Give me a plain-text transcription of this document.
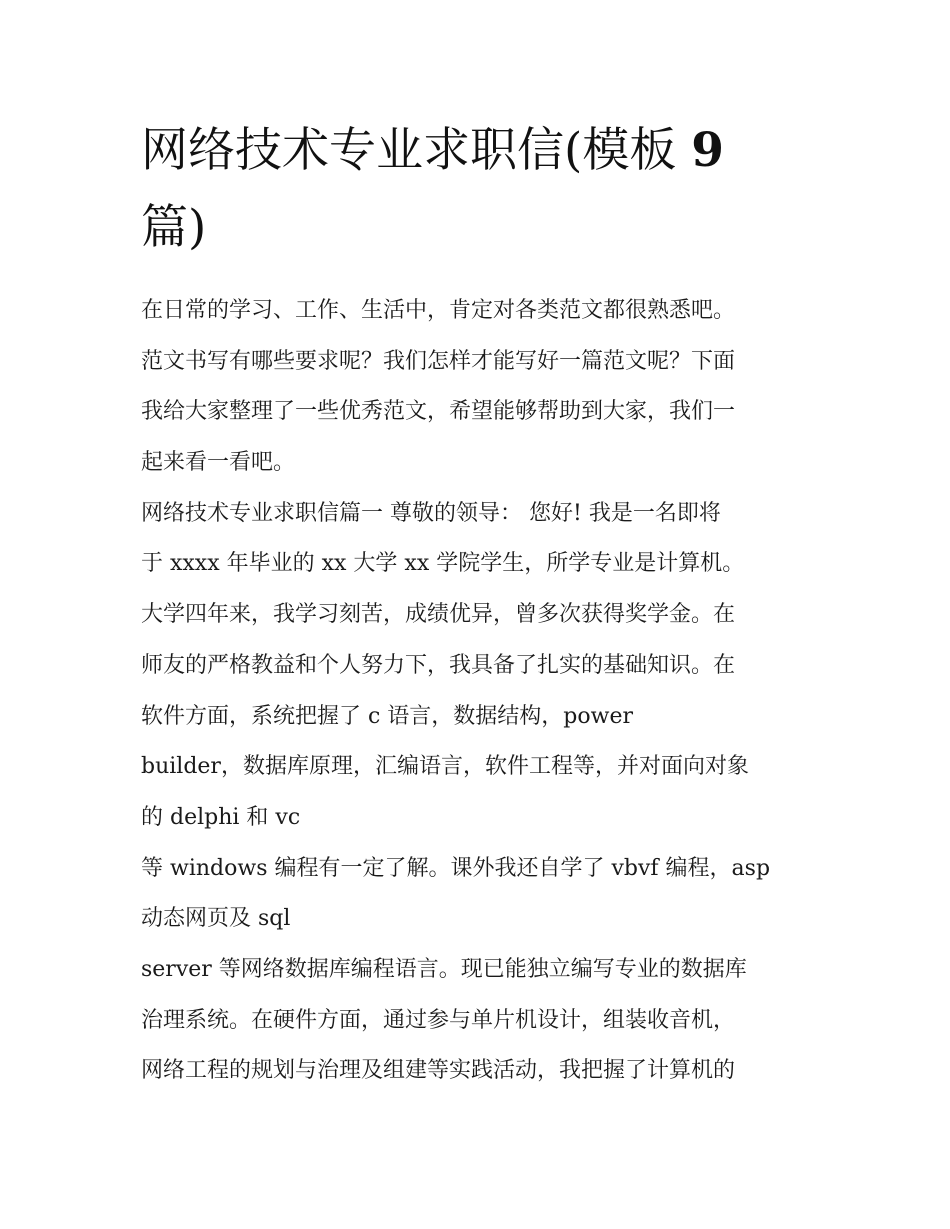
网络技术专业求职信(模板 9
篇)
在日常的学习、工作、生活中，肯定对各类范文都很熟悉吧。
范文书写有哪些要求呢？我们怎样才能写好一篇范文呢？下面
我给大家整理了一些优秀范文，希望能够帮助到大家，我们一
起来看一看吧。
网络技术专业求职信篇一 尊敬的领导： 您好! 我是一名即将
于 xxxx 年毕业的 xx 大学 xx 学院学生，所学专业是计算机。
大学四年来，我学习刻苦，成绩优异，曾多次获得奖学金。在
师友的严格教益和个人努力下，我具备了扎实的基础知识。在
软件方面，系统把握了 c 语言，数据结构，power
builder，数据库原理，汇编语言，软件工程等，并对面向对象
的 delphi 和 vc
等 windows 编程有一定了解。课外我还自学了 vbvf 编程，asp
动态网页及 sql
server 等网络数据库编程语言。现已能独立编写专业的数据库
治理系统。在硬件方面，通过参与单片机设计，组装收音机，
网络工程的规划与治理及组建等实践活动，我把握了计算机的
